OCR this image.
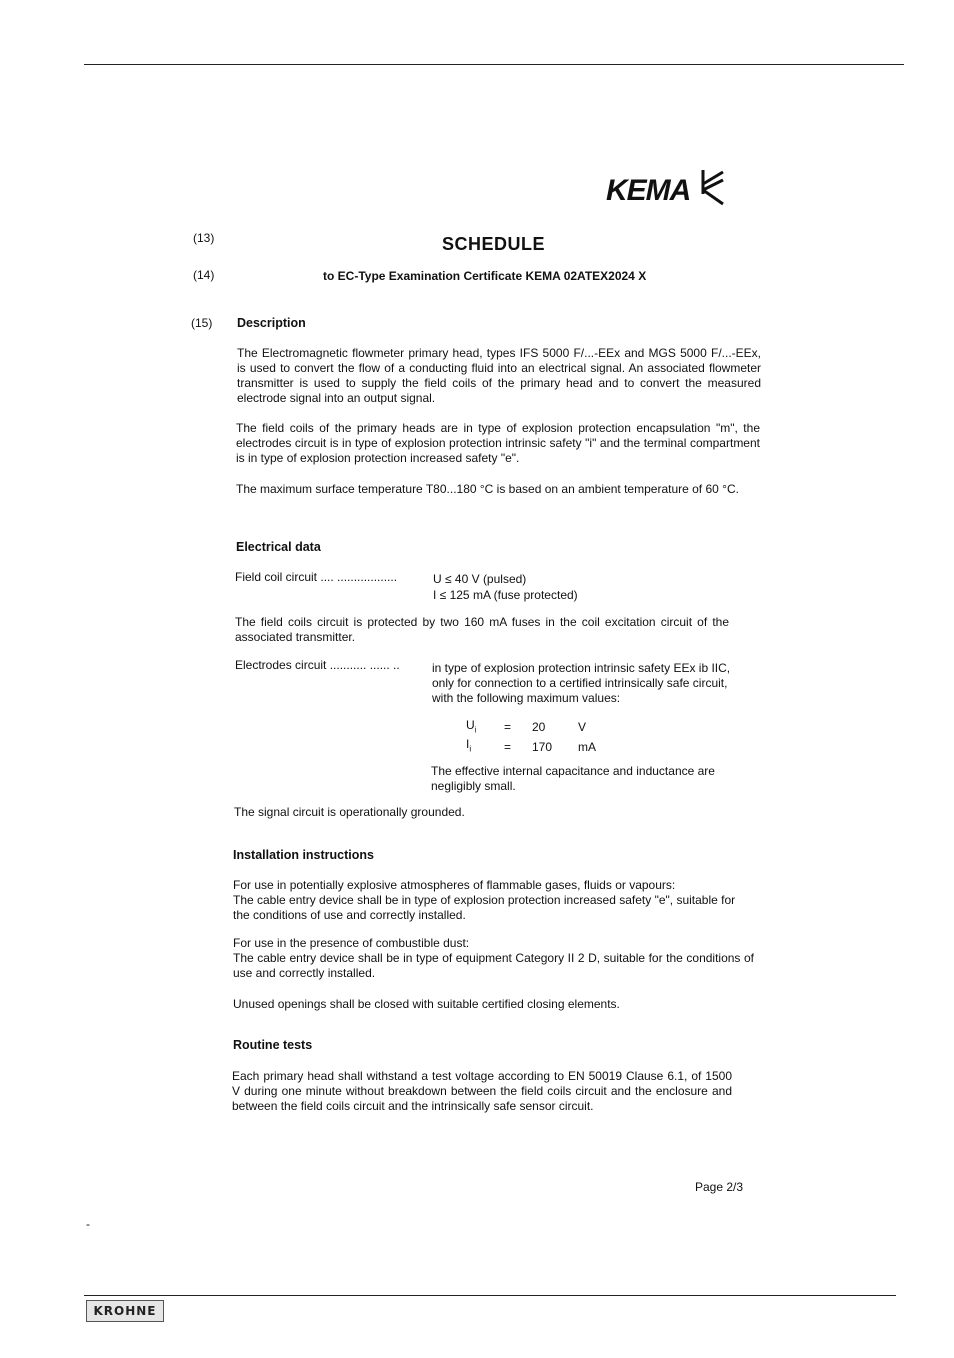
KEMA
(13)	SCHEDULE
(14)	to EC-Type Examination Certificate KEMA 02ATEX2024 X
(15) Description
The Electromagnetic flowmeter primary head, types IFS 5000 F/...-EEx and MGS 5000 F/...-EEx, is used to convert the flow of a conducting fluid into an electrical signal. An associated flowmeter transmitter is used to supply the field coils of the primary head and to convert the measured electrode signal into an output signal.
The field coils of the primary heads are in type of explosion protection encapsulation "m", the electrodes circuit is in type of explosion protection intrinsic safety "i" and the terminal compartment is in type of explosion protection increased safety "e".
The maximum surface temperature T80...180 °C is based on an ambient temperature of 60 °C.
Electrical data
Field coil circuit .... ..................	U ≤ 40 V (pulsed)
I ≤ 125 mA (fuse protected)
The field coils circuit is protected by two 160 mA fuses in the coil excitation circuit of the associated transmitter.
Electrodes circuit ........... ...... ..	in type of explosion protection intrinsic safety EEx ib IIC, only for connection to a certified intrinsically safe circuit, with the following maximum values:
$U_i$	=	20	V
$I_i$	=	170	mA
The effective internal capacitance and inductance are negligibly small.
The signal circuit is operationally grounded.
Installation instructions
For use in potentially explosive atmospheres of flammable gases, fluids or vapours:
The cable entry device shall be in type of explosion protection increased safety "e", suitable for the conditions of use and correctly installed.
For use in the presence of combustible dust:
The cable entry device shall be in type of equipment Category II 2 D, suitable for the conditions of use and correctly installed.
Unused openings shall be closed with suitable certified closing elements.
Routine tests
Each primary head shall withstand a test voltage according to EN 50019 Clause 6.1, of 1500 V during one minute without breakdown between the field coils circuit and the enclosure and between the field coils circuit and the intrinsically safe sensor circuit.
Page 2/3
-
KROHNE
